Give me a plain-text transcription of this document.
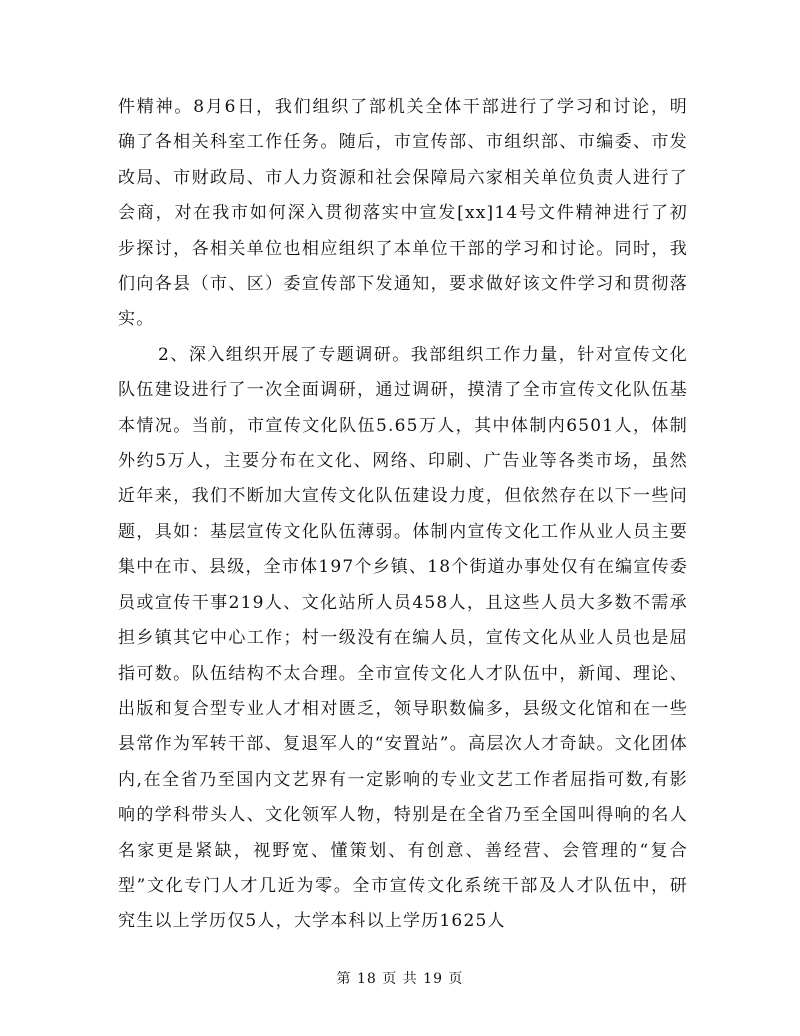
件精神。8月6日，我们组织了部机关全体干部进行了学习和讨论，明确了各相关科室工作任务。随后，市宣传部、市组织部、市编委、市发改局、市财政局、市人力资源和社会保障局六家相关单位负责人进行了会商，对在我市如何深入贯彻落实中宣发[xx]14号文件精神进行了初步探讨，各相关单位也相应组织了本单位干部的学习和讨论。同时，我们向各县（市、区）委宣传部下发通知，要求做好该文件学习和贯彻落实。

2、深入组织开展了专题调研。我部组织工作力量，针对宣传文化队伍建设进行了一次全面调研，通过调研，摸清了全市宣传文化队伍基本情况。当前，市宣传文化队伍5.65万人，其中体制内6501人，体制外约5万人，主要分布在文化、网络、印刷、广告业等各类市场，虽然近年来，我们不断加大宣传文化队伍建设力度，但依然存在以下一些问题，具如：基层宣传文化队伍薄弱。体制内宣传文化工作从业人员主要集中在市、县级，全市体197个乡镇、18个街道办事处仅有在编宣传委员或宣传干事219人、文化站所人员458人，且这些人员大多数不需承担乡镇其它中心工作；村一级没有在编人员，宣传文化从业人员也是屈指可数。队伍结构不太合理。全市宣传文化人才队伍中，新闻、理论、出版和复合型专业人才相对匮乏，领导职数偏多，县级文化馆和在一些县常作为军转干部、复退军人的“安置站”。高层次人才奇缺。文化团体内,在全省乃至国内文艺界有一定影响的专业文艺工作者屈指可数,有影响的学科带头人、文化领军人物，特别是在全省乃至全国叫得响的名人名家更是紧缺，视野宽、懂策划、有创意、善经营、会管理的“复合型”文化专门人才几近为零。全市宣传文化系统干部及人才队伍中，研究生以上学历仅5人，大学本科以上学历1625人

第 18 页 共 19 页
